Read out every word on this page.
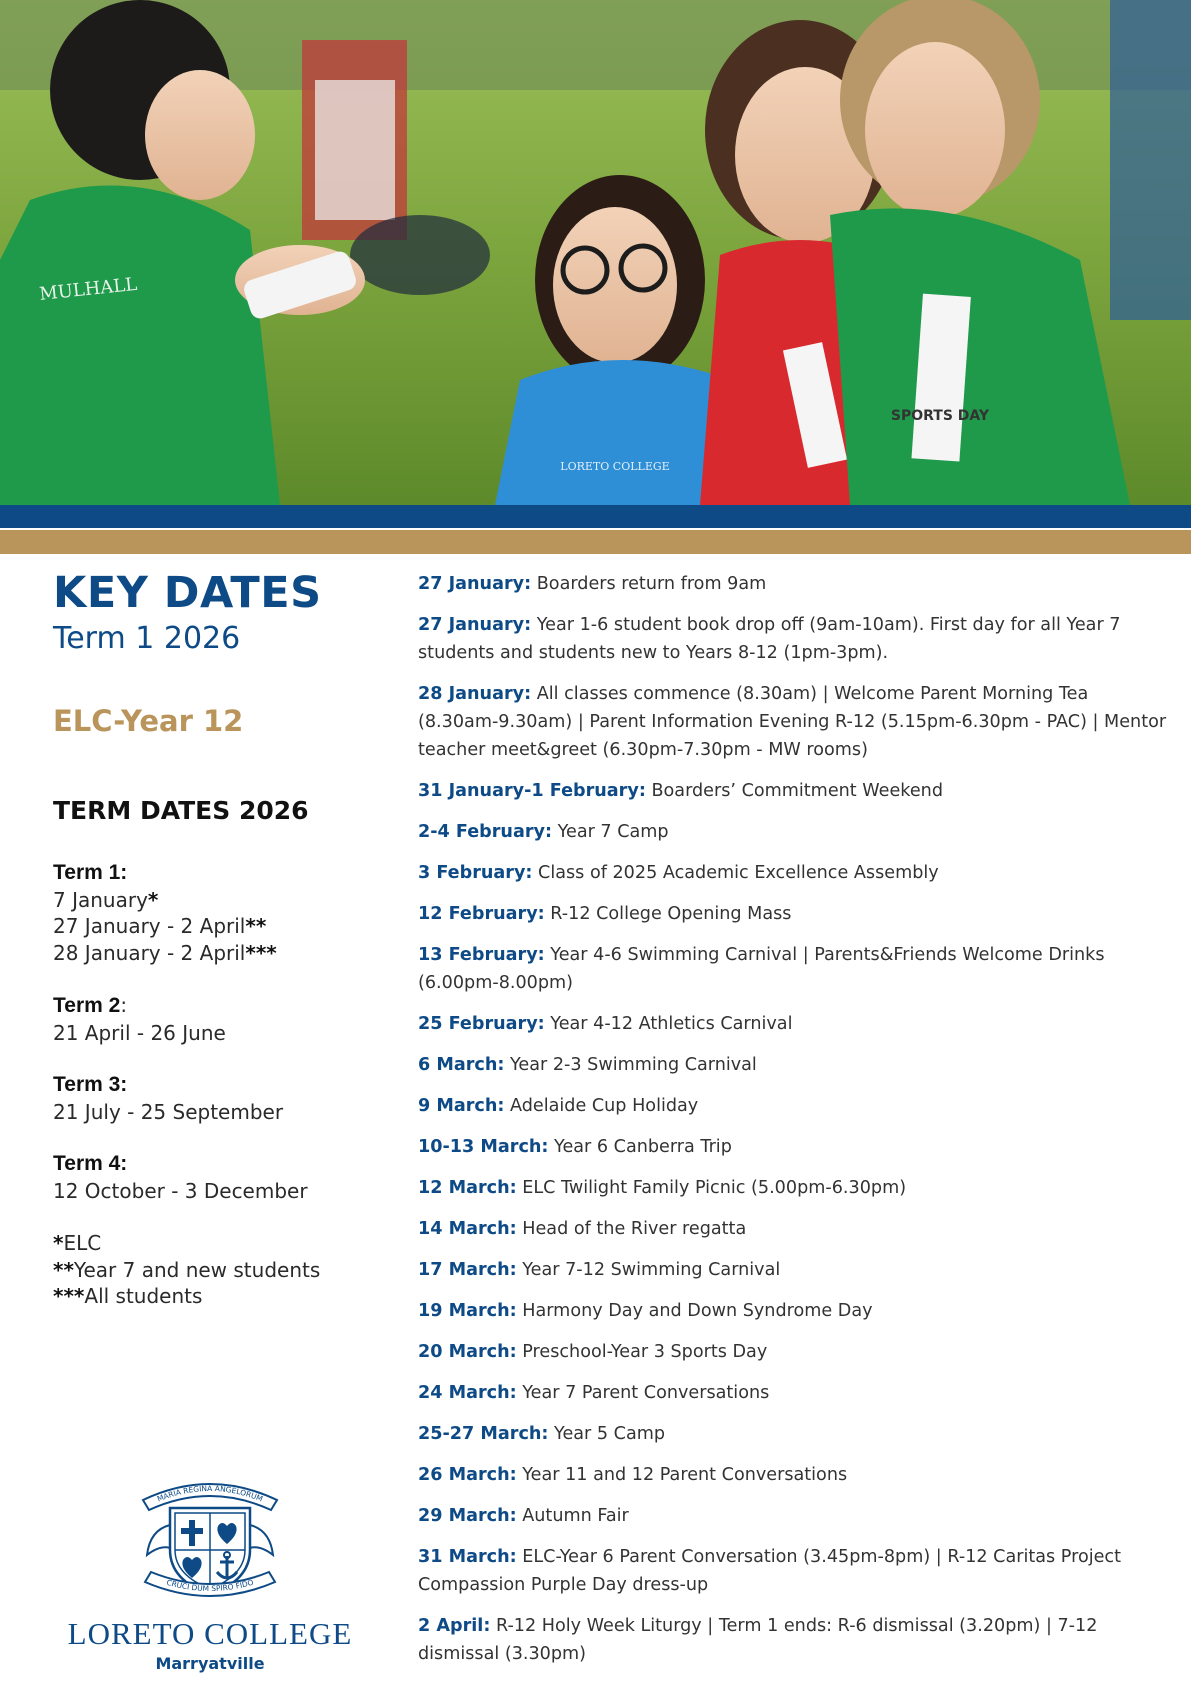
SPORTS DAY
MULHALL
LORETO COLLEGE
KEY DATES
Term 1 2026
ELC-Year 12
TERM DATES 2026
Term 1:
7 January*
27 January - 2 April**
28 January - 2 April***
Term 2:
21 April - 26 June
Term 3:
21 July - 25 September
Term 4:
12 October - 3 December
*ELC
**Year 7 and new students
***All students
MARIA REGINA ANGELORUM
CRUCI DUM SPIRO FIDO
LORETO COLLEGE
Marryatville
27 January: Boarders return from 9am
27 January: Year 1-6 student book drop off (9am-10am). First day for all Year 7 students and students new to Years 8-12 (1pm-3pm).
28 January: All classes commence (8.30am) | Welcome Parent Morning Tea (8.30am-9.30am) | Parent Information Evening R-12 (5.15pm-6.30pm - PAC) | Mentor teacher meet&greet (6.30pm-7.30pm - MW rooms)
31 January-1 February: Boarders’ Commitment Weekend
2-4 February: Year 7 Camp
3 February: Class of 2025 Academic Excellence Assembly
12 February: R-12 College Opening Mass
13 February: Year 4-6 Swimming Carnival | Parents&Friends Welcome Drinks (6.00pm-8.00pm)
25 February: Year 4-12 Athletics Carnival
6 March: Year 2-3 Swimming Carnival
9 March: Adelaide Cup Holiday
10-13 March: Year 6 Canberra Trip
12 March: ELC Twilight Family Picnic (5.00pm-6.30pm)
14 March: Head of the River regatta
17 March: Year 7-12 Swimming Carnival
19 March: Harmony Day and Down Syndrome Day
20 March: Preschool-Year 3 Sports Day
24 March: Year 7 Parent Conversations
25-27 March: Year 5 Camp
26 March: Year 11 and 12 Parent Conversations
29 March: Autumn Fair
31 March: ELC-Year 6 Parent Conversation (3.45pm-8pm) | R-12 Caritas Project Compassion Purple Day dress-up
2 April: R-12 Holy Week Liturgy | Term 1 ends: R-6 dismissal (3.20pm) | 7-12 dismissal (3.30pm)
